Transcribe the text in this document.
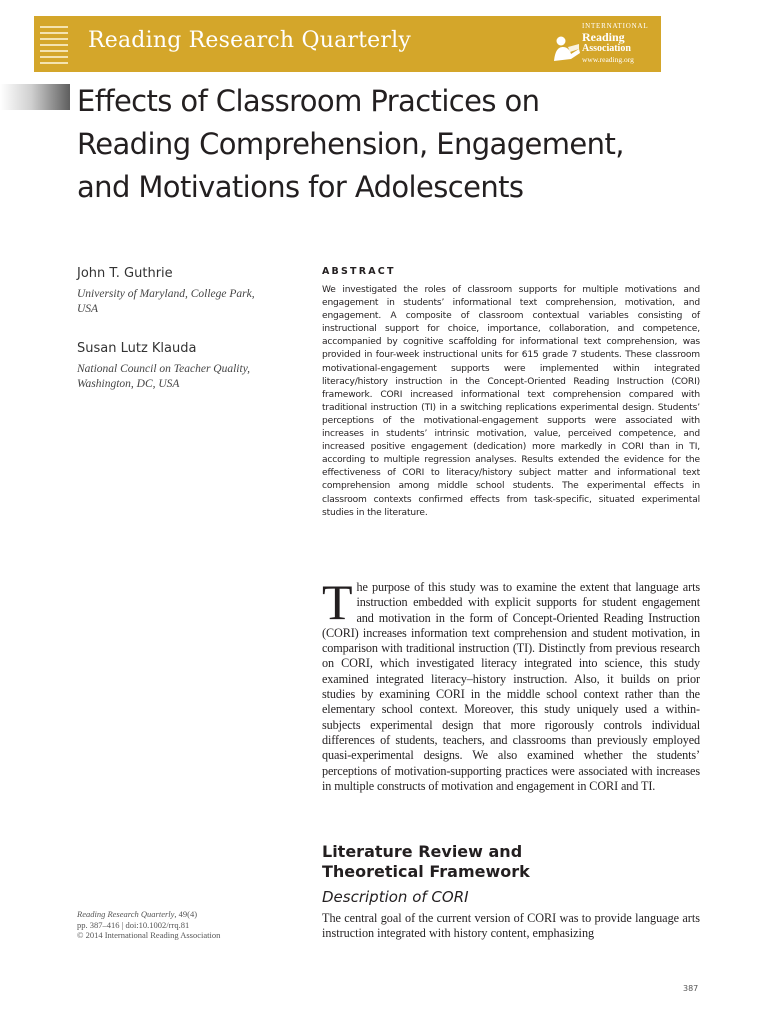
Reading Research Quarterly
INTERNATIONAL
Reading
Association
www.reading.org
Effects of Classroom Practices on
Reading Comprehension, Engagement,
and Motivations for Adolescents

John T. Guthrie

University of Maryland, College Park,
USA

Susan Lutz Klauda

National Council on Teacher Quality,
Washington, DC, USA

ABSTRACT

We investigated the roles of classroom supports for multiple motivations and engagement in students’ informational text comprehension, motivation, and engagement. A composite of classroom contextual variables consisting of instructional support for choice, importance, collaboration, and competence, accompanied by cognitive scaffolding for informational text comprehension, was provided in four-week instructional units for 615 grade 7 students. These classroom motivational-engagement supports were implemented within integrated literacy/history instruction in the Concept-Oriented Reading Instruction (CORI) framework. CORI increased informational text comprehension compared with traditional instruction (TI) in a switching replications experimental design. Students’ perceptions of the motivational-engagement supports were associated with increases in students’ intrinsic motivation, value, perceived competence, and increased positive engagement (dedication) more markedly in CORI than in TI, according to multiple regression analyses. Results extended the evidence for the effectiveness of CORI to literacy/history subject matter and informational text comprehension among middle school students. The experimental effects in classroom contexts confirmed effects from task-specific, situated experimental studies in the literature.

The purpose of this study was to examine the extent that language arts instruction embedded with explicit supports for student engagement and motivation in the form of Concept-Oriented Reading Instruction (CORI) increases information text comprehension and student motivation, in comparison with traditional instruction (TI). Distinctly from previous research on CORI, which investigated literacy integrated into science, this study examined integrated literacy–history instruction. Also, it builds on prior studies by examining CORI in the middle school context rather than the elementary school context. Moreover, this study uniquely used a within-subjects experimental design that more rigorously controls individual differences of students, teachers, and classrooms than previously employed quasi-experimental designs. We also examined whether the students’ perceptions of motivation-supporting practices were associated with increases in multiple constructs of motivation and engagement in CORI and TI.

Literature Review and
Theoretical Framework
Description of CORI

The central goal of the current version of CORI was to provide language arts instruction integrated with history content, emphasizing

Reading Research Quarterly, 49(4)
pp. 387–416 | doi:10.1002/rrq.81
© 2014 International Reading Association
387
